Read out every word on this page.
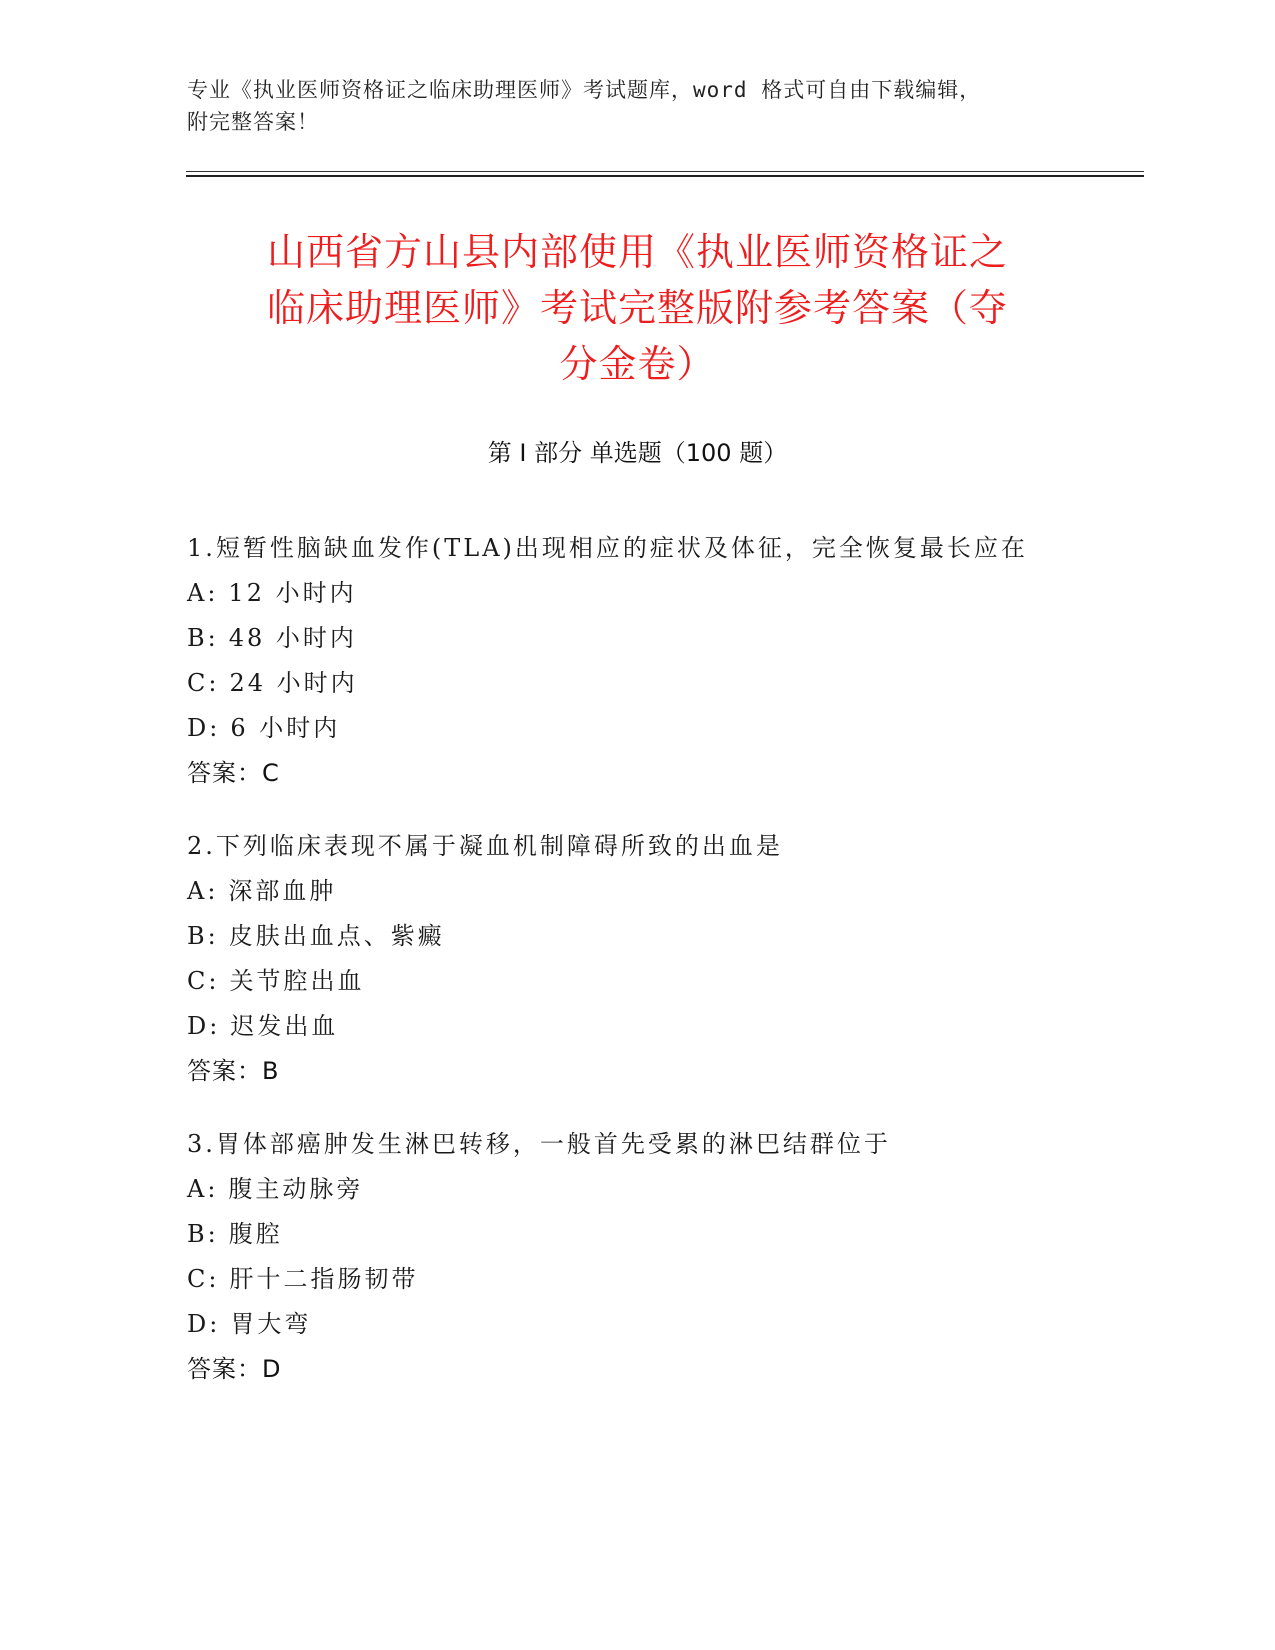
专业《执业医师资格证之临床助理医师》考试题库，word 格式可自由下载编辑，
附完整答案！
山西省方山县内部使用《执业医师资格证之
临床助理医师》考试完整版附参考答案（夺
分金卷）
第 I 部分 单选题（100 题）
1.短暂性脑缺血发作(TLA)出现相应的症状及体征，完全恢复最长应在
A: 12 小时内
B: 48 小时内
C: 24 小时内
D: 6 小时内
答案：C
2.下列临床表现不属于凝血机制障碍所致的出血是
A: 深部血肿
B: 皮肤出血点、紫癜
C: 关节腔出血
D: 迟发出血
答案：B
3.胃体部癌肿发生淋巴转移，一般首先受累的淋巴结群位于
A: 腹主动脉旁
B: 腹腔
C: 肝十二指肠韧带
D: 胃大弯
答案：D
